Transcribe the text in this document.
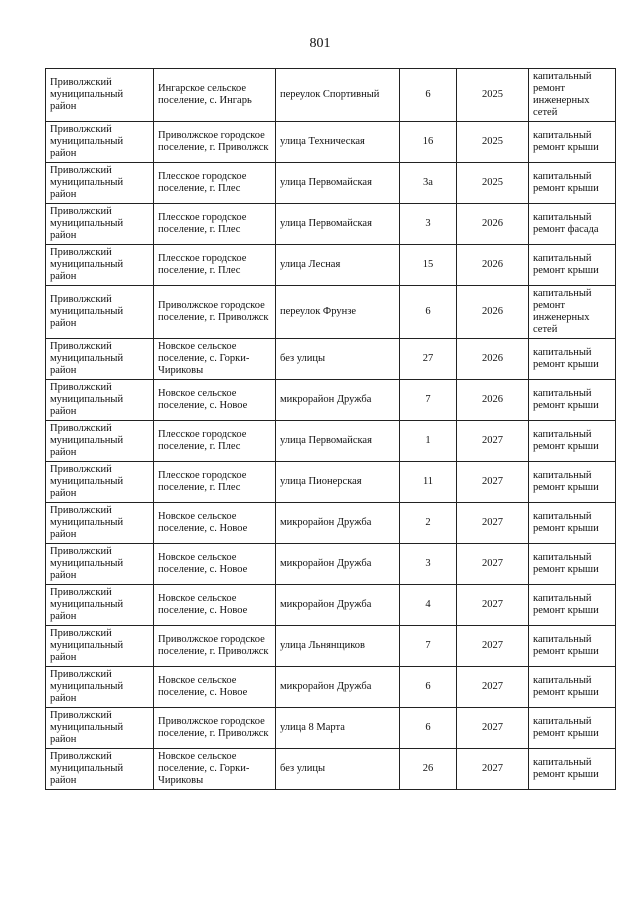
801
Приволжский муниципальный район	Ингарское сельское поселение, с. Ингарь	переулок Спортивный	6	2025	капитальный ремонт инженерных сетей
Приволжский муниципальный район	Приволжское городское поселение, г. Приволжск	улица Техническая	16	2025	капитальный ремонт крыши
Приволжский муниципальный район	Плесское городское поселение, г. Плес	улица Первомайская	3а	2025	капитальный ремонт крыши
Приволжский муниципальный район	Плесское городское поселение, г. Плес	улица Первомайская	3	2026	капитальный ремонт фасада
Приволжский муниципальный район	Плесское городское поселение, г. Плес	улица Лесная	15	2026	капитальный ремонт крыши
Приволжский муниципальный район	Приволжское городское поселение, г. Приволжск	переулок Фрунзе	6	2026	капитальный ремонт инженерных сетей
Приволжский муниципальный район	Новское сельское поселение, с. Горки-Чириковы	без улицы	27	2026	капитальный ремонт крыши
Приволжский муниципальный район	Новское сельское поселение, с. Новое	микрорайон Дружба	7	2026	капитальный ремонт крыши
Приволжский муниципальный район	Плесское городское поселение, г. Плес	улица Первомайская	1	2027	капитальный ремонт крыши
Приволжский муниципальный район	Плесское городское поселение, г. Плес	улица Пионерская	11	2027	капитальный ремонт крыши
Приволжский муниципальный район	Новское сельское поселение, с. Новое	микрорайон Дружба	2	2027	капитальный ремонт крыши
Приволжский муниципальный район	Новское сельское поселение, с. Новое	микрорайон Дружба	3	2027	капитальный ремонт крыши
Приволжский муниципальный район	Новское сельское поселение, с. Новое	микрорайон Дружба	4	2027	капитальный ремонт крыши
Приволжский муниципальный район	Приволжское городское поселение, г. Приволжск	улица Льнянщиков	7	2027	капитальный ремонт крыши
Приволжский муниципальный район	Новское сельское поселение, с. Новое	микрорайон Дружба	6	2027	капитальный ремонт крыши
Приволжский муниципальный район	Приволжское городское поселение, г. Приволжск	улица 8 Марта	6	2027	капитальный ремонт крыши
Приволжский муниципальный район	Новское сельское поселение, с. Горки-Чириковы	без улицы	26	2027	капитальный ремонт крыши
